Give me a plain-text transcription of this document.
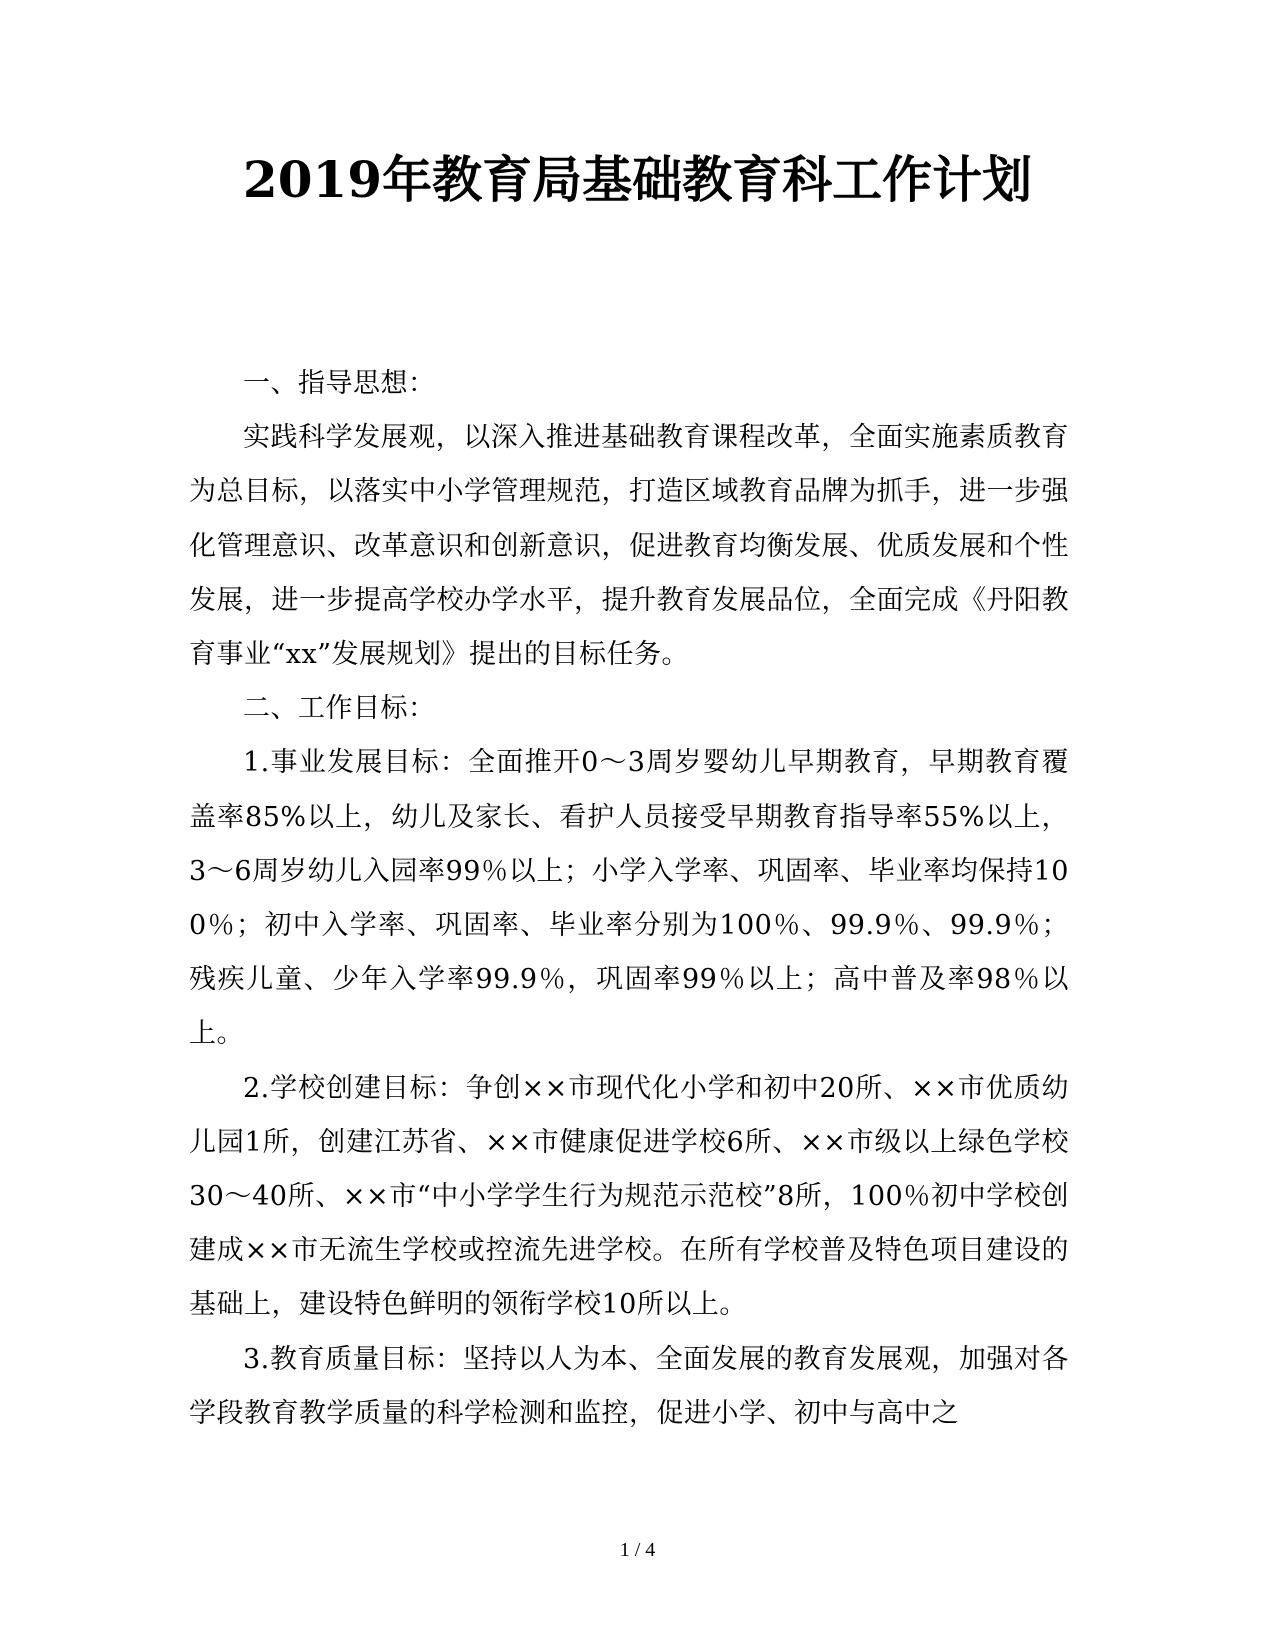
2019年教育局基础教育科工作计划

一、指导思想：

实践科学发展观，以深入推进基础教育课程改革，全面实施素质教育为总目标，以落实中小学管理规范，打造区域教育品牌为抓手，进一步强化管理意识、改革意识和创新意识，促进教育均衡发展、优质发展和个性发展，进一步提高学校办学水平，提升教育发展品位，全面完成《丹阳教育事业“xx”发展规划》提出的目标任务。

二、工作目标：

1.事业发展目标：全面推开0～3周岁婴幼儿早期教育，早期教育覆盖率85%以上，幼儿及家长、看护人员接受早期教育指导率55%以上，3～6周岁幼儿入园率99％以上；小学入学率、巩固率、毕业率均保持100％；初中入学率、巩固率、毕业率分别为100％、99.9％、99.9％；残疾儿童、少年入学率99.9％，巩固率99％以上；高中普及率98％以上。

2.学校创建目标：争创××市现代化小学和初中20所、××市优质幼儿园1所，创建江苏省、××市健康促进学校6所、××市级以上绿色学校30～40所、××市“中小学学生行为规范示范校”8所，100％初中学校创建成××市无流生学校或控流先进学校。在所有学校普及特色项目建设的基础上，建设特色鲜明的领衔学校10所以上。

3.教育质量目标：坚持以人为本、全面发展的教育发展观，加强对各学段教育教学质量的科学检测和监控，促进小学、初中与高中之

1 / 4
